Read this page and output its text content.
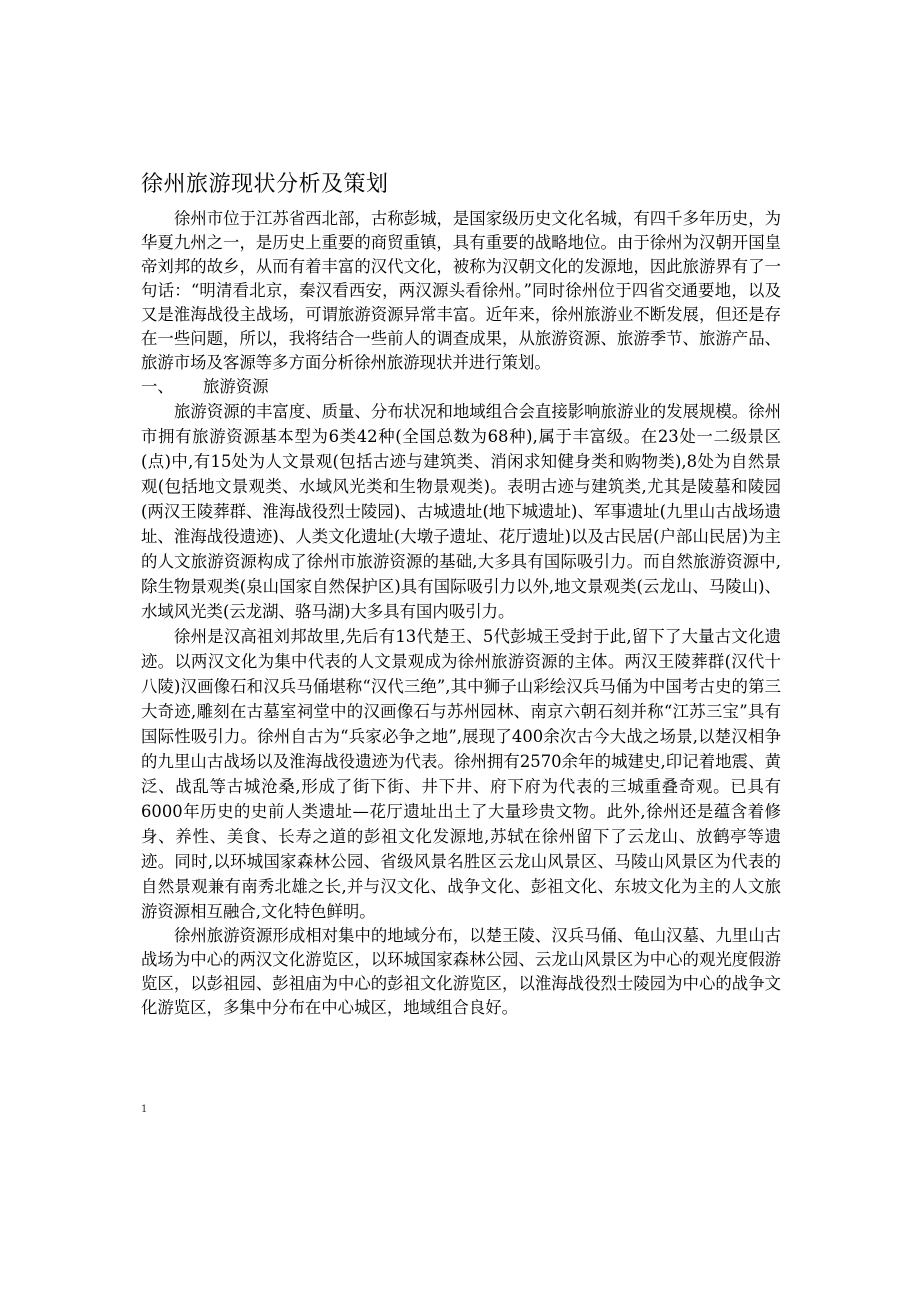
徐州旅游现状分析及策划

徐州市位于江苏省西北部，古称彭城，是国家级历史文化名城，有四千多年历史，为华夏九州之一，是历史上重要的商贸重镇，具有重要的战略地位。由于徐州为汉朝开国皇帝刘邦的故乡，从而有着丰富的汉代文化，被称为汉朝文化的发源地，因此旅游界有了一句话：“明清看北京，秦汉看西安，两汉源头看徐州。”同时徐州位于四省交通要地，以及又是淮海战役主战场，可谓旅游资源异常丰富。近年来，徐州旅游业不断发展，但还是存在一些问题，所以，我将结合一些前人的调查成果，从旅游资源、旅游季节、旅游产品、旅游市场及客源等多方面分析徐州旅游现状并进行策划。

一、 旅游资源

旅游资源的丰富度、质量、分布状况和地域组合会直接影响旅游业的发展规模。徐州市拥有旅游资源基本型为6类42种(全国总数为68种),属于丰富级。在23处一二级景区(点)中,有15处为人文景观(包括古迹与建筑类、消闲求知健身类和购物类),8处为自然景观(包括地文景观类、水域风光类和生物景观类)。表明古迹与建筑类,尤其是陵墓和陵园(两汉王陵葬群、淮海战役烈士陵园)、古城遗址(地下城遗址)、军事遗址(九里山古战场遗址、淮海战役遗迹)、人类文化遗址(大墩子遗址、花厅遗址)以及古民居(户部山民居)为主的人文旅游资源构成了徐州市旅游资源的基础,大多具有国际吸引力。而自然旅游资源中,除生物景观类(泉山国家自然保护区)具有国际吸引力以外,地文景观类(云龙山、马陵山)、水域风光类(云龙湖、骆马湖)大多具有国内吸引力。

徐州是汉高祖刘邦故里,先后有13代楚王、5代彭城王受封于此,留下了大量古文化遗迹。以两汉文化为集中代表的人文景观成为徐州旅游资源的主体。两汉王陵葬群(汉代十八陵)汉画像石和汉兵马俑堪称“汉代三绝”,其中狮子山彩绘汉兵马俑为中国考古史的第三大奇迹,雕刻在古墓室祠堂中的汉画像石与苏州园林、南京六朝石刻并称“江苏三宝”具有国际性吸引力。徐州自古为“兵家必争之地”,展现了400余次古今大战之场景,以楚汉相争的九里山古战场以及淮海战役遗迹为代表。徐州拥有2570余年的城建史,印记着地震、黄泛、战乱等古城沧桑,形成了街下街、井下井、府下府为代表的三城重叠奇观。已具有6000年历史的史前人类遗址—花厅遗址出土了大量珍贵文物。此外,徐州还是蕴含着修身、养性、美食、长寿之道的彭祖文化发源地,苏轼在徐州留下了云龙山、放鹤亭等遗迹。同时,以环城国家森林公园、省级风景名胜区云龙山风景区、马陵山风景区为代表的自然景观兼有南秀北雄之长,并与汉文化、战争文化、彭祖文化、东坡文化为主的人文旅游资源相互融合,文化特色鲜明。

徐州旅游资源形成相对集中的地域分布，以楚王陵、汉兵马俑、龟山汉墓、九里山古战场为中心的两汉文化游览区，以环城国家森林公园、云龙山风景区为中心的观光度假游览区，以彭祖园、彭祖庙为中心的彭祖文化游览区，以淮海战役烈士陵园为中心的战争文化游览区，多集中分布在中心城区，地域组合良好。

1
